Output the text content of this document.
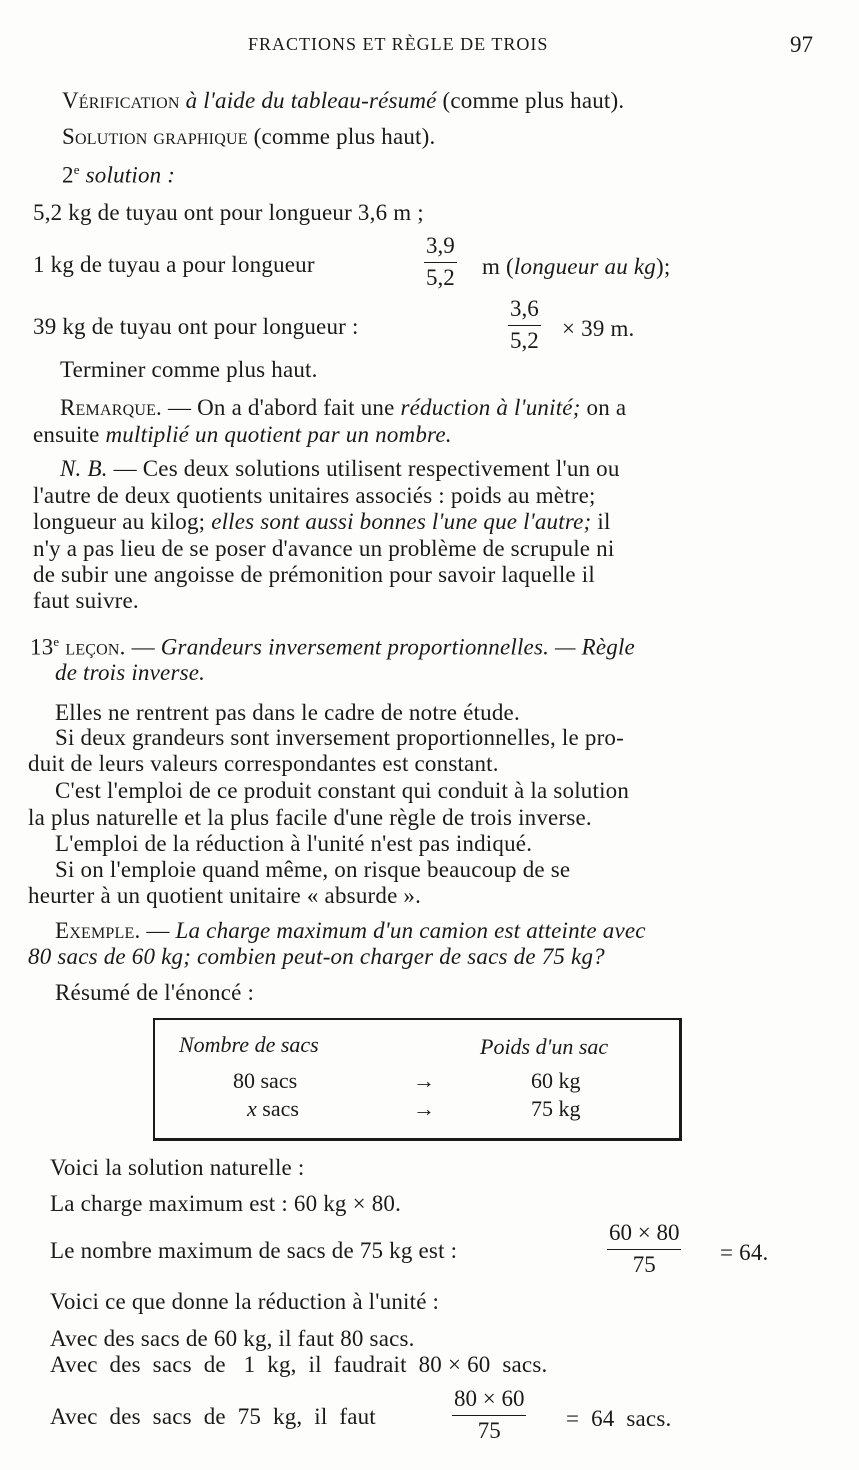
FRACTIONS ET RÈGLE DE TROIS	97
Vérification à l'aide du tableau-résumé (comme plus haut).
Solution graphique (comme plus haut).
2e solution :
5,2 kg de tuyau ont pour longueur 3,6 m ;
1 kg de tuyau a pour longueur
3,9
5,2 m (longueur au kg);
39 kg de tuyau ont pour longueur :
3,6
5,2 × 39 m.
Terminer comme plus haut.
Remarque. — On a d'abord fait une réduction à l'unité; on a
ensuite multiplié un quotient par un nombre.
N. B. — Ces deux solutions utilisent respectivement l'un ou
l'autre de deux quotients unitaires associés : poids au mètre;
longueur au kilog; elles sont aussi bonnes l'une que l'autre; il
n'y a pas lieu de se poser d'avance un problème de scrupule ni
de subir une angoisse de prémonition pour savoir laquelle il
faut suivre.
13e leçon. — Grandeurs inversement proportionnelles. — Règle
de trois inverse.
Elles ne rentrent pas dans le cadre de notre étude.
Si deux grandeurs sont inversement proportionnelles, le pro-
duit de leurs valeurs correspondantes est constant.
C'est l'emploi de ce produit constant qui conduit à la solution
la plus naturelle et la plus facile d'une règle de trois inverse.
L'emploi de la réduction à l'unité n'est pas indiqué.
Si on l'emploie quand même, on risque beaucoup de se
heurter à un quotient unitaire « absurde ».
Exemple. — La charge maximum d'un camion est atteinte avec
80 sacs de 60 kg; combien peut-on charger de sacs de 75 kg?
Résumé de l'énoncé :
Nombre de sacs	Poids d'un sac
80 sacs	→	60 kg
x sacs	→	75 kg
Voici la solution naturelle :
La charge maximum est : 60 kg × 80.
Le nombre maximum de sacs de 75 kg est :
60 × 80
75	= 64.
Voici ce que donne la réduction à l'unité :
Avec des sacs de 60 kg, il faut 80 sacs.
Avec  des  sacs  de   1  kg,  il  faudrait  80 × 60  sacs.
Avec  des  sacs  de  75  kg,  il  faut
80 × 60
75	=  64  sacs.
